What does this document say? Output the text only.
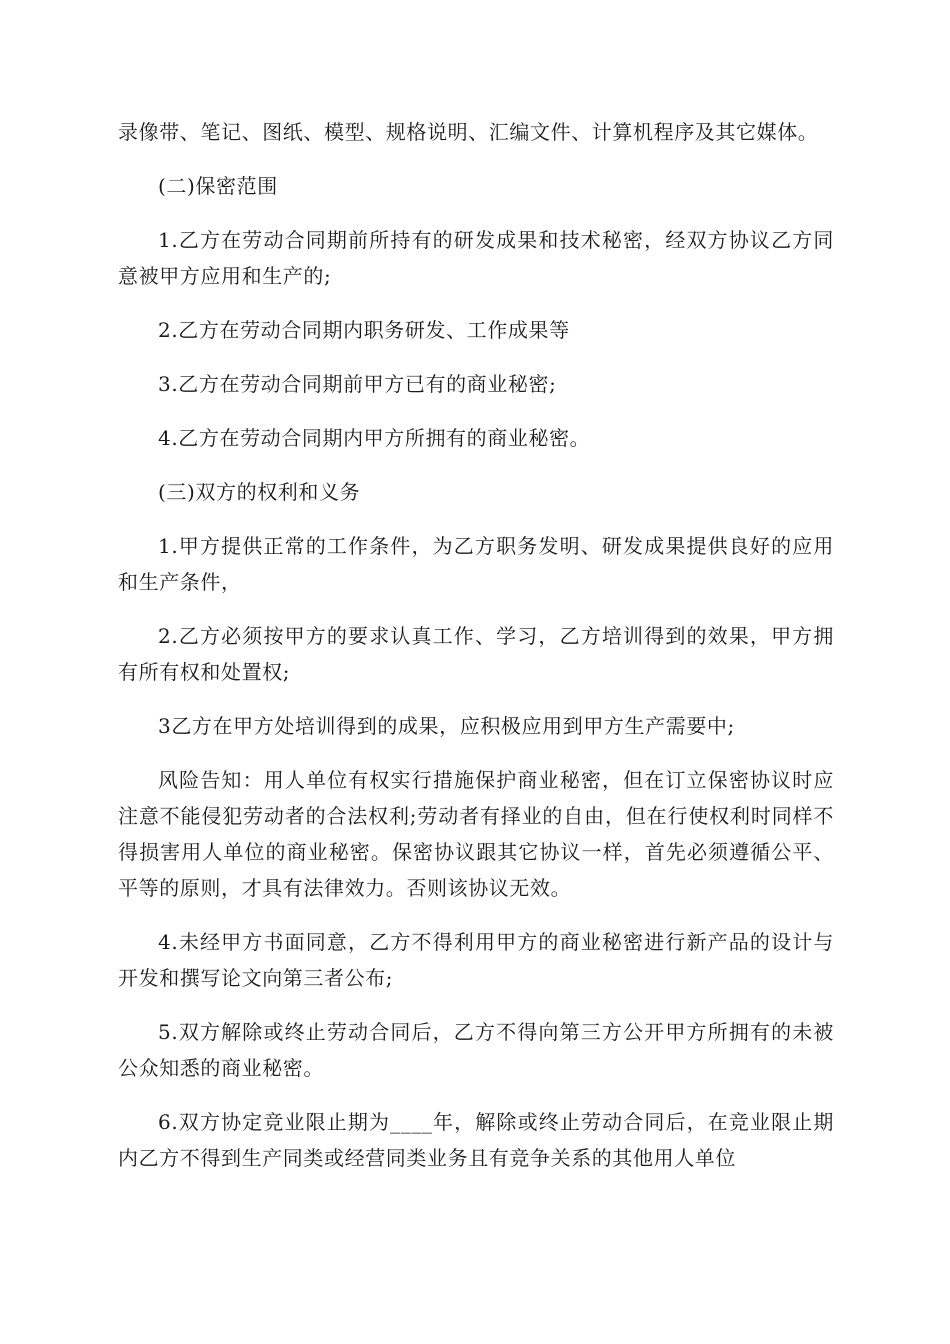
录像带、笔记、图纸、模型、规格说明、汇编文件、计算机程序及其它媒体。

(二)保密范围

1.乙方在劳动合同期前所持有的研发成果和技术秘密，经双方协议乙方同意被甲方应用和生产的;

2.乙方在劳动合同期内职务研发、工作成果等

3.乙方在劳动合同期前甲方已有的商业秘密;

4.乙方在劳动合同期内甲方所拥有的商业秘密。

(三)双方的权利和义务

1.甲方提供正常的工作条件，为乙方职务发明、研发成果提供良好的应用和生产条件，

2.乙方必须按甲方的要求认真工作、学习，乙方培训得到的效果，甲方拥有所有权和处置权;

3乙方在甲方处培训得到的成果，应积极应用到甲方生产需要中;

风险告知：用人单位有权实行措施保护商业秘密，但在订立保密协议时应注意不能侵犯劳动者的合法权利;劳动者有择业的自由，但在行使权利时同样不得损害用人单位的商业秘密。保密协议跟其它协议一样，首先必须遵循公平、平等的原则，才具有法律效力。否则该协议无效。

4.未经甲方书面同意，乙方不得利用甲方的商业秘密进行新产品的设计与开发和撰写论文向第三者公布;

5.双方解除或终止劳动合同后，乙方不得向第三方公开甲方所拥有的未被公众知悉的商业秘密。

6.双方协定竞业限止期为____年，解除或终止劳动合同后，在竞业限止期内乙方不得到生产同类或经营同类业务且有竞争关系的其他用人单位
